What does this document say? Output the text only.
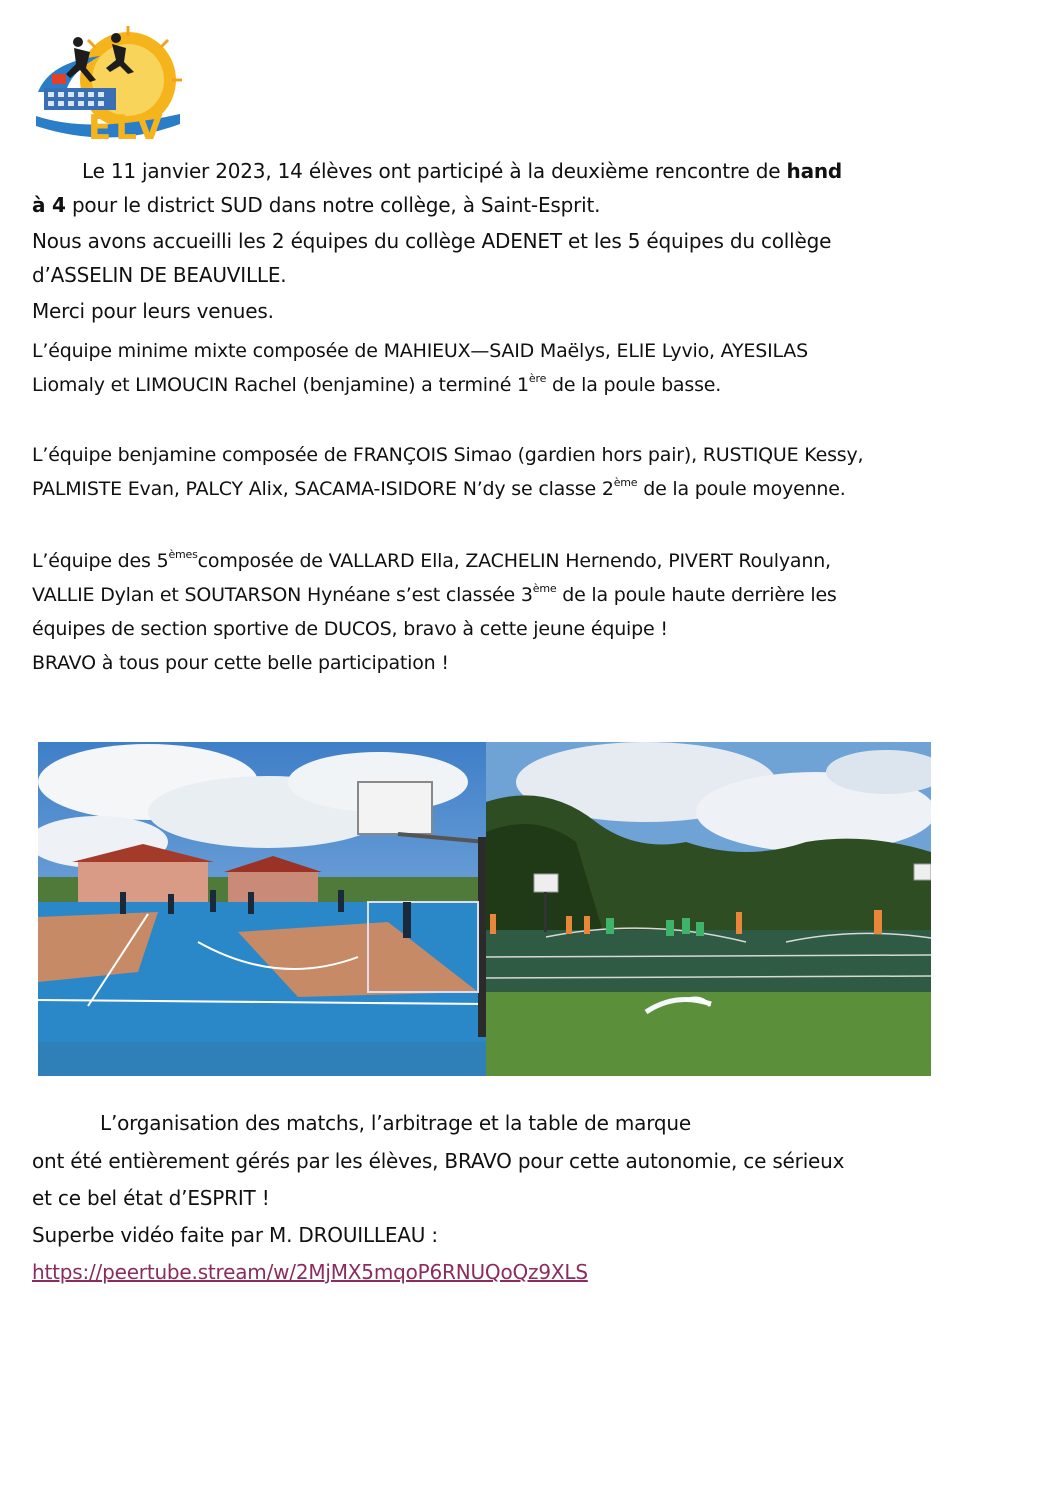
ELV

Le 11 janvier 2023, 14 élèves ont participé à la deuxième rencontre de hand

à 4 pour le district SUD dans notre collège, à Saint-Esprit.

Nous avons accueilli les 2 équipes du collège ADENET et les 5 équipes du collège

d’ASSELIN DE BEAUVILLE.

Merci pour leurs venues.

L’équipe minime mixte composée de MAHIEUX—SAID Maëlys, ELIE Lyvio, AYESILAS

Liomaly et LIMOUCIN Rachel (benjamine) a terminé 1ère de la poule basse.

L’équipe benjamine composée de FRANÇOIS Simao (gardien hors pair), RUSTIQUE Kessy,

PALMISTE Evan, PALCY Alix, SACAMA-ISIDORE N’dy se classe 2ème de la poule moyenne.

L’équipe des 5èmescomposée de VALLARD Ella, ZACHELIN Hernendo, PIVERT Roulyann,

VALLIE Dylan et SOUTARSON Hynéane s’est classée 3ème de la poule haute derrière les

équipes de section sportive de DUCOS, bravo à cette jeune équipe !

BRAVO à tous pour cette belle participation !

L’organisation des matchs, l’arbitrage et la table de marque

ont été entièrement gérés par les élèves, BRAVO pour cette autonomie, ce sérieux

et ce bel état d’ESPRIT !

Superbe vidéo faite par M. DROUILLEAU :

https://peertube.stream/w/2MjMX5mqoP6RNUQoQz9XLS
